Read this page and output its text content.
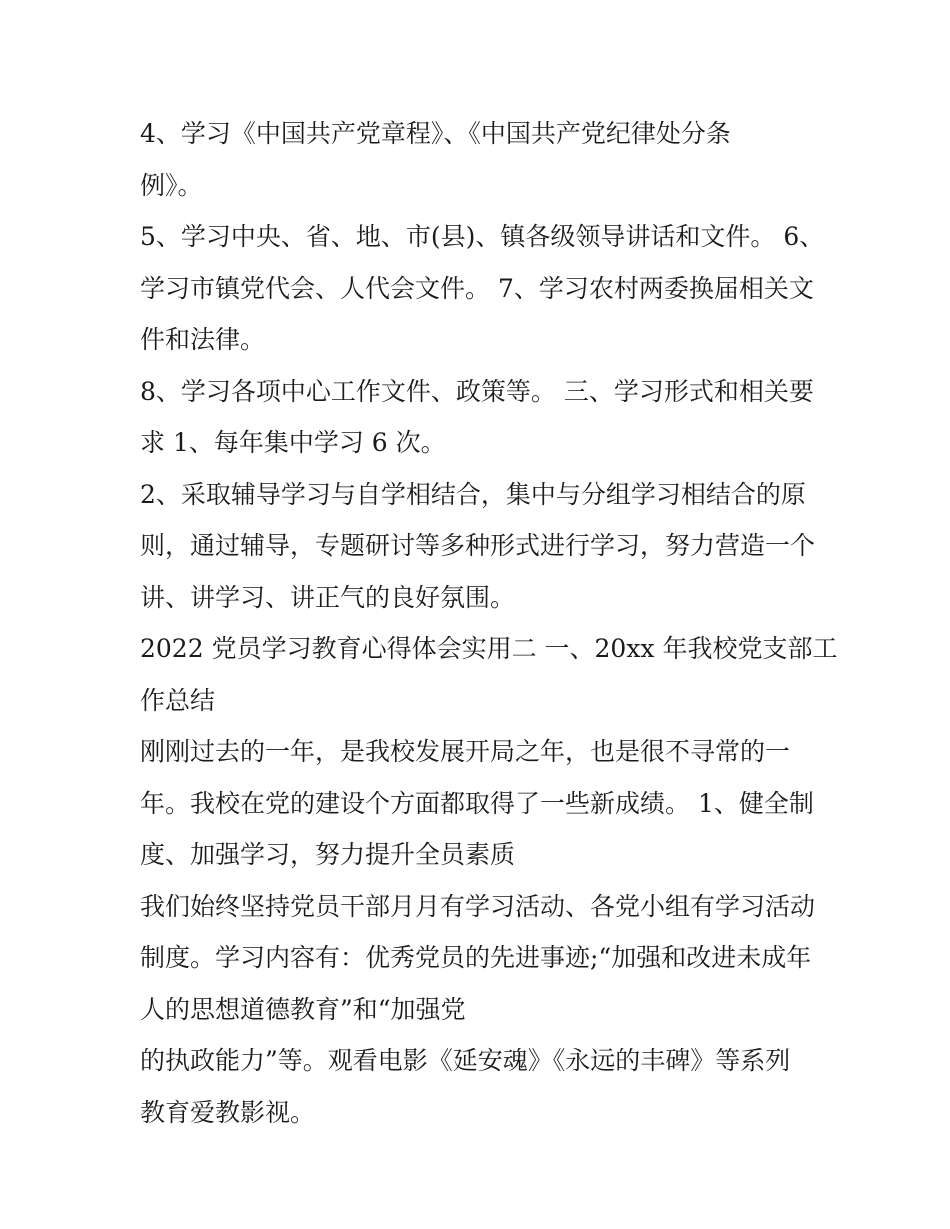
4、学习《中国共产党章程》、《中国共产党纪律处分条

例》。

5、学习中央、省、地、市(县)、镇各级领导讲话和文件。 6、

学习市镇党代会、人代会文件。 7、学习农村两委换届相关文

件和法律。

8、学习各项中心工作文件、政策等。 三、学习形式和相关要

求 1、每年集中学习 6 次。

2、采取辅导学习与自学相结合，集中与分组学习相结合的原

则，通过辅导，专题研讨等多种形式进行学习，努力营造一个

讲、讲学习、讲正气的良好氛围。

2022 党员学习教育心得体会实用二 一、20xx 年我校党支部工

作总结

刚刚过去的一年，是我校发展开局之年，也是很不寻常的一

年。我校在党的建设个方面都取得了一些新成绩。 1、健全制

度、加强学习，努力提升全员素质

我们始终坚持党员干部月月有学习活动、各党小组有学习活动

制度。学习内容有：优秀党员的先进事迹;“加强和改进未成年

人的思想道德教育”和“加强党

的执政能力”等。观看电影《延安魂》《永远的丰碑》等系列

教育爱教影视。
